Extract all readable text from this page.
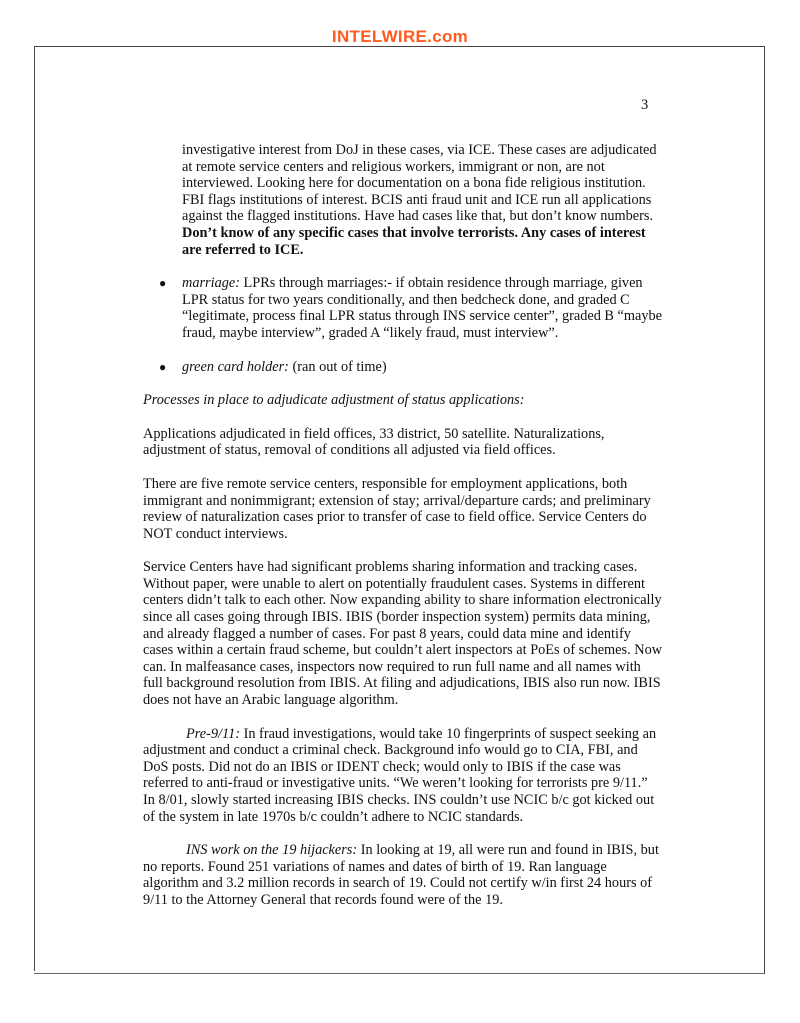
INTELWIRE.com
3

investigative interest from DoJ in these cases, via ICE. These cases are adjudicated at remote service centers and religious workers, immigrant or non, are not interviewed. Looking here for documentation on a bona fide religious institution. FBI flags institutions of interest. BCIS anti fraud unit and ICE run all applications against the flagged institutions. Have had cases like that, but don’t know numbers. Don’t know of any specific cases that involve terrorists. Any cases of interest are referred to ICE.

● marriage: LPRs through marriages:- if obtain residence through marriage, given LPR status for two years conditionally, and then bedcheck done, and graded C “legitimate, process final LPR status through INS service center”, graded B “maybe fraud, maybe interview”, graded A “likely fraud, must interview”.
● green card holder: (ran out of time)

Processes in place to adjudicate adjustment of status applications:

Applications adjudicated in field offices, 33 district, 50 satellite. Naturalizations, adjustment of status, removal of conditions all adjusted via field offices.

There are five remote service centers, responsible for employment applications, both immigrant and nonimmigrant; extension of stay; arrival/departure cards; and preliminary review of naturalization cases prior to transfer of case to field office. Service Centers do NOT conduct interviews.

Service Centers have had significant problems sharing information and tracking cases. Without paper, were unable to alert on potentially fraudulent cases. Systems in different centers didn’t talk to each other. Now expanding ability to share information electronically since all cases going through IBIS. IBIS (border inspection system) permits data mining, and already flagged a number of cases. For past 8 years, could data mine and identify cases within a certain fraud scheme, but couldn’t alert inspectors at PoEs of schemes. Now can. In malfeasance cases, inspectors now required to run full name and all names with full background resolution from IBIS. At filing and adjudications, IBIS also run now. IBIS does not have an Arabic language algorithm.

Pre-9/11: In fraud investigations, would take 10 fingerprints of suspect seeking an adjustment and conduct a criminal check. Background info would go to CIA, FBI, and DoS posts. Did not do an IBIS or IDENT check; would only to IBIS if the case was referred to anti-fraud or investigative units. “We weren’t looking for terrorists pre 9/11.” In 8/01, slowly started increasing IBIS checks. INS couldn’t use NCIC b/c got kicked out of the system in late 1970s b/c couldn’t adhere to NCIC standards.

INS work on the 19 hijackers: In looking at 19, all were run and found in IBIS, but no reports. Found 251 variations of names and dates of birth of 19. Ran language algorithm and 3.2 million records in search of 19. Could not certify w/in first 24 hours of 9/11 to the Attorney General that records found were of the 19.
